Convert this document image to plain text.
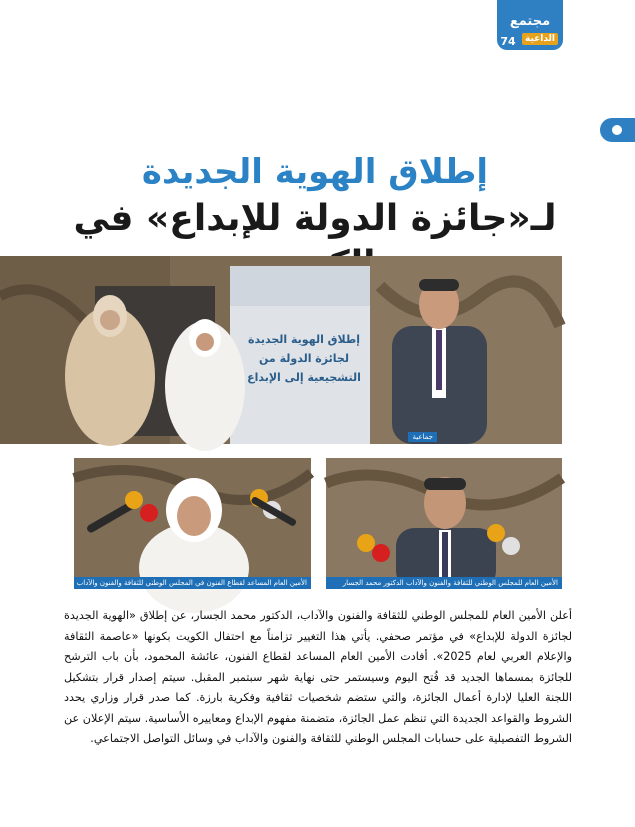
مجتمع
74	الداعية
إطلاق الهوية الجديدة
لـ«جائزة الدولة للإبداع» في
إطلاق الهوية الجديدة لجائزة الدولة من التشجيعية إلى الإبداع
جماعية
الأمين العام المساعد لقطاع الفنون في المجلس الوطني للثقافة والفنون والآداب عائشة المحمود	الأمين العام للمجلس الوطني للثقافة والفنون والآداب الدكتور محمد الجسار

أعلن الأمين العام للمجلس الوطني للثقافة والفنون والآداب، الدكتور محمد الجسار، عن إطلاق «الهوية الجديدة لجائزة الدولة للإبداع» في مؤتمر صحفي. يأتي هذا التغيير تزامناً مع احتفال الكويت بكونها «عاصمة الثقافة والإعلام العربي لعام 2025». أفادت الأمين العام المساعد لقطاع الفنون، عائشة المحمود، بأن باب الترشح للجائزة بمسماها الجديد قد فُتح اليوم وسيستمر حتى نهاية شهر سبتمبر المقبل. سيتم إصدار قرار بتشكيل اللجنة العليا لإدارة أعمال الجائزة، والتي ستضم شخصيات ثقافية وفكرية بارزة. كما صدر قرار وزاري يحدد الشروط والقواعد الجديدة التي تنظم عمل الجائزة، متضمنة مفهوم الإبداع ومعاييره الأساسية. سيتم الإعلان عن الشروط التفصيلية على حسابات المجلس الوطني للثقافة والفنون والآداب في وسائل التواصل الاجتماعي.
